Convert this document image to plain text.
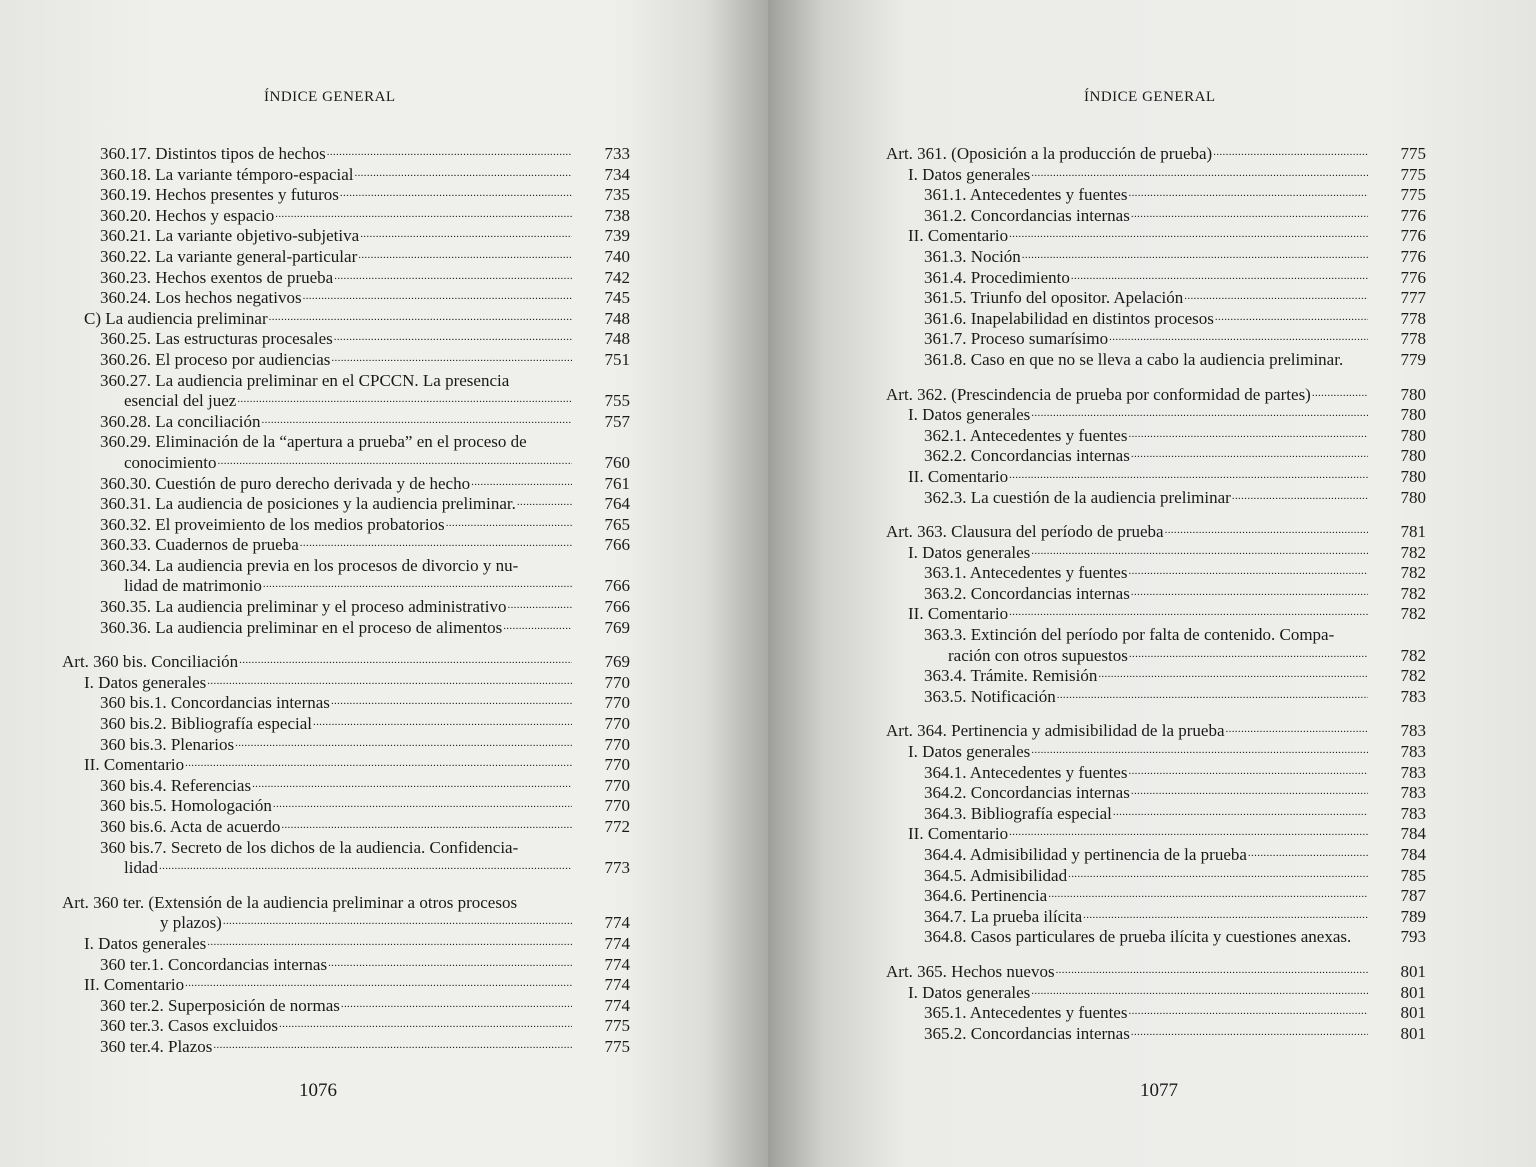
ÍNDICE GENERAL
360.17. Distintos tipos de hechos . . .	733
360.18. La variante témporo-espacial . . .	734
360.19. Hechos presentes y futuros . . .	735
360.20. Hechos y espacio . . .	738
360.21. La variante objetivo-subjetiva . . .	739
360.22. La variante general-particular . . .	740
360.23. Hechos exentos de prueba . . .	742
360.24. Los hechos negativos . . .	745
C) La audiencia preliminar . . .	748
360.25. Las estructuras procesales . . .	748
360.26. El proceso por audiencias . . .	751
360.27. La audiencia preliminar en el CPCCN. La presencia
esencial del juez . . .	755
360.28. La conciliación . . .	757
360.29. Eliminación de la “apertura a prueba” en el proceso de
conocimiento . . .	760
360.30. Cuestión de puro derecho derivada y de hecho . . .	761
360.31. La audiencia de posiciones y la audiencia preliminar. . . .	764
360.32. El proveimiento de los medios probatorios . . .	765
360.33. Cuadernos de prueba . . .	766
360.34. La audiencia previa en los procesos de divorcio y nu-
lidad de matrimonio . . .	766
360.35. La audiencia preliminar y el proceso administrativo . . .	766
360.36. La audiencia preliminar en el proceso de alimentos . . .	769
Art. 360 bis. Conciliación . . .	769
I. Datos generales . . .	770
360 bis.1. Concordancias internas . . .	770
360 bis.2. Bibliografía especial . . .	770
360 bis.3. Plenarios . . .	770
II. Comentario . . .	770
360 bis.4. Referencias . . .	770
360 bis.5. Homologación . . .	770
360 bis.6. Acta de acuerdo . . .	772
360 bis.7. Secreto de los dichos de la audiencia. Confidencia-
lidad . . .	773
Art. 360 ter. (Extensión de la audiencia preliminar a otros procesos
y plazos) . . .	774
I. Datos generales . . .	774
360 ter.1. Concordancias internas . . .	774
II. Comentario . . .	774
360 ter.2. Superposición de normas . . .	774
360 ter.3. Casos excluidos . . .	775
360 ter.4. Plazos . . .	775
1076
ÍNDICE GENERAL
Art. 361. (Oposición a la producción de prueba) . . .	775
I. Datos generales . . .	775
361.1. Antecedentes y fuentes . . .	775
361.2. Concordancias internas . . .	776
II. Comentario . . .	776
361.3. Noción . . .	776
361.4. Procedimiento . . .	776
361.5. Triunfo del opositor. Apelación . . .	777
361.6. Inapelabilidad en distintos procesos . . .	778
361.7. Proceso sumarísimo . . .	778
361.8. Caso en que no se lleva a cabo la audiencia preliminar.	779
Art. 362. (Prescindencia de prueba por conformidad de partes) . . .	780
I. Datos generales . . .	780
362.1. Antecedentes y fuentes . . .	780
362.2. Concordancias internas . . .	780
II. Comentario . . .	780
362.3. La cuestión de la audiencia preliminar . . .	780
Art. 363. Clausura del período de prueba . . .	781
I. Datos generales . . .	782
363.1. Antecedentes y fuentes . . .	782
363.2. Concordancias internas . . .	782
II. Comentario . . .	782
363.3. Extinción del período por falta de contenido. Compa-
ración con otros supuestos . . .	782
363.4. Trámite. Remisión . . .	782
363.5. Notificación . . .	783
Art. 364. Pertinencia y admisibilidad de la prueba . . .	783
I. Datos generales . . .	783
364.1. Antecedentes y fuentes . . .	783
364.2. Concordancias internas . . .	783
364.3. Bibliografía especial . . .	783
II. Comentario . . .	784
364.4. Admisibilidad y pertinencia de la prueba . . .	784
364.5. Admisibilidad . . .	785
364.6. Pertinencia . . .	787
364.7. La prueba ilícita . . .	789
364.8. Casos particulares de prueba ilícita y cuestiones anexas.	793
Art. 365. Hechos nuevos . . .	801
I. Datos generales . . .	801
365.1. Antecedentes y fuentes . . .	801
365.2. Concordancias internas . . .	801
1077
